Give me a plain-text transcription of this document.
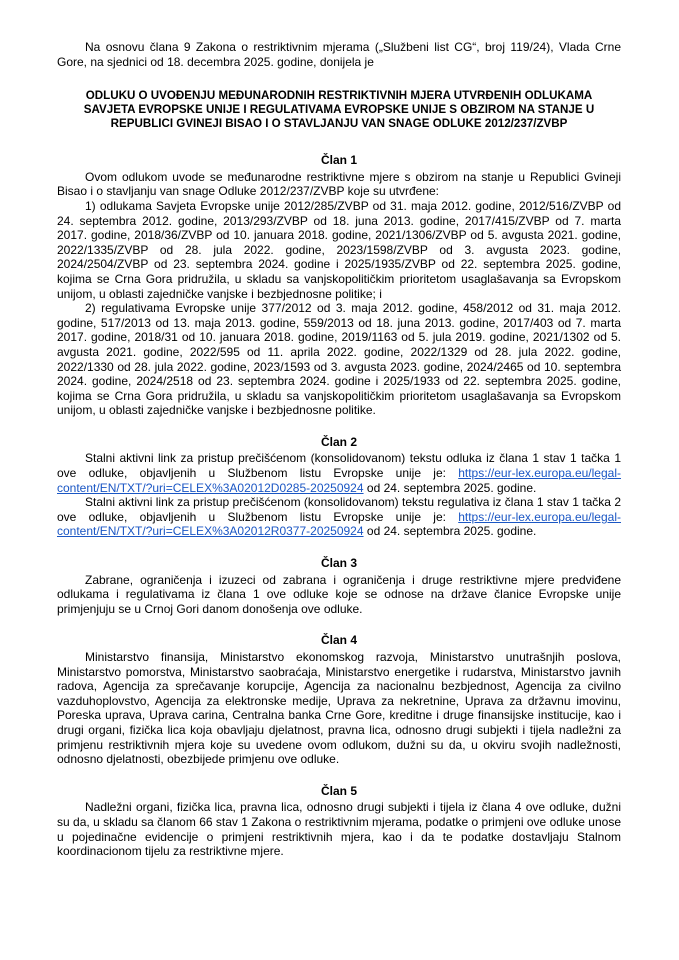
Na osnovu člana 9 Zakona o restriktivnim mjerama („Službeni list CG“, broj 119/24), Vlada Crne Gore, na sjednici od 18. decembra 2025. godine, donijela je

ODLUKU O UVOĐENJU MEĐUNARODNIH RESTRIKTIVNIH MJERA UTVRĐENIH ODLUKAMA SAVJETA EVROPSKE UNIJE I REGULATIVAMA EVROPSKE UNIJE S OBZIROM NA STANJE U REPUBLICI GVINEJI BISAO I O STAVLJANJU VAN SNAGE ODLUKE 2012/237/ZVBP

Član 1

Ovom odlukom uvode se međunarodne restriktivne mjere s obzirom na stanje u Republici Gvineji Bisao i o stavljanju van snage Odluke 2012/237/ZVBP koje su utvrđene:

1) odlukama Savjeta Evropske unije 2012/285/ZVBP od 31. maja 2012. godine, 2012/516/ZVBP od 24. septembra 2012. godine, 2013/293/ZVBP od 18. juna 2013. godine, 2017/415/ZVBP od 7. marta 2017. godine, 2018/36/ZVBP od 10. januara 2018. godine, 2021/1306/ZVBP od 5. avgusta 2021. godine, 2022/1335/ZVBP od 28. jula 2022. godine, 2023/1598/ZVBP od 3. avgusta 2023. godine, 2024/2504/ZVBP od 23. septembra 2024. godine i 2025/1935/ZVBP od 22. septembra 2025. godine, kojima se Crna Gora pridružila, u skladu sa vanjskopolitičkim prioritetom usaglašavanja sa Evropskom unijom, u oblasti zajedničke vanjske i bezbjednosne politike; i

2) regulativama Evropske unije 377/2012 od 3. maja 2012. godine, 458/2012 od 31. maja 2012. godine, 517/2013 od 13. maja 2013. godine, 559/2013 od 18. juna 2013. godine, 2017/403 od 7. marta 2017. godine, 2018/31 od 10. januara 2018. godine, 2019/1163 od 5. jula 2019. godine, 2021/1302 od 5. avgusta 2021. godine, 2022/595 od 11. aprila 2022. godine, 2022/1329 od 28. jula 2022. godine, 2022/1330 od 28. jula 2022. godine, 2023/1593 od 3. avgusta 2023. godine, 2024/2465 od 10. septembra 2024. godine, 2024/2518 od 23. septembra 2024. godine i 2025/1933 od 22. septembra 2025. godine, kojima se Crna Gora pridružila, u skladu sa vanjskopolitičkim prioritetom usaglašavanja sa Evropskom unijom, u oblasti zajedničke vanjske i bezbjednosne politike.

Član 2

Stalni aktivni link za pristup prečišćenom (konsolidovanom) tekstu odluka iz člana 1 stav 1 tačka 1 ove odluke, objavljenih u Službenom listu Evropske unije je: https://eur-lex.europa.eu/legal-content/EN/TXT/?uri=CELEX%3A02012D0285-20250924 od 24. septembra 2025. godine.

Stalni aktivni link za pristup prečišćenom (konsolidovanom) tekstu regulativa iz člana 1 stav 1 tačka 2 ove odluke, objavljenih u Službenom listu Evropske unije je: https://eur-lex.europa.eu/legal-content/EN/TXT/?uri=CELEX%3A02012R0377-20250924 od 24. septembra 2025. godine.

Član 3

Zabrane, ograničenja i izuzeci od zabrana i ograničenja i druge restriktivne mjere predviđene odlukama i regulativama iz člana 1 ove odluke koje se odnose na države članice Evropske unije primjenjuju se u Crnoj Gori danom donošenja ove odluke.

Član 4

Ministarstvo finansija, Ministarstvo ekonomskog razvoja, Ministarstvo unutrašnjih poslova, Ministarstvo pomorstva, Ministarstvo saobraćaja, Ministarstvo energetike i rudarstva, Ministarstvo javnih radova, Agencija za sprečavanje korupcije, Agencija za nacionalnu bezbjednost, Agencija za civilno vazduhoplovstvo, Agencija za elektronske medije, Uprava za nekretnine, Uprava za državnu imovinu, Poreska uprava, Uprava carina, Centralna banka Crne Gore, kreditne i druge finansijske institucije, kao i drugi organi, fizička lica koja obavljaju djelatnost, pravna lica, odnosno drugi subjekti i tijela nadležni za primjenu restriktivnih mjera koje su uvedene ovom odlukom, dužni su da, u okviru svojih nadležnosti, odnosno djelatnosti, obezbijede primjenu ove odluke.

Član 5

Nadležni organi, fizička lica, pravna lica, odnosno drugi subjekti i tijela iz člana 4 ove odluke, dužni su da, u skladu sa članom 66 stav 1 Zakona o restriktivnim mjerama, podatke o primjeni ove odluke unose u pojedinačne evidencije o primjeni restriktivnih mjera, kao i da te podatke dostavljaju Stalnom koordinacionom tijelu za restriktivne mjere.
